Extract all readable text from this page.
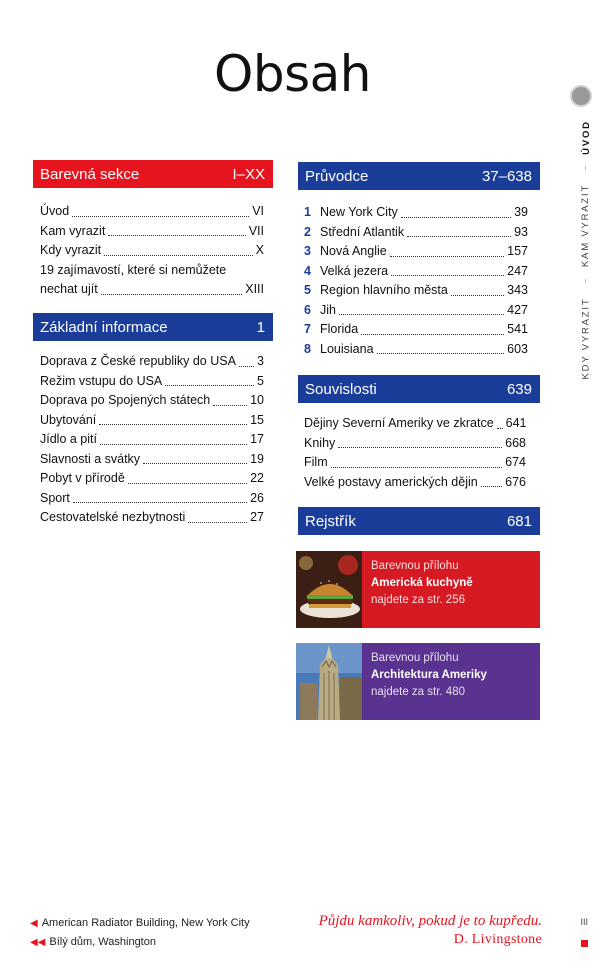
Obsah
ÚVOD
KAM VYRAZIT
KDY VYRAZIT
Barevná sekce	I–XX
Úvod	VI
Kam vyrazit	VII
Kdy vyrazit	X
19 zajímavostí, které si nemůžete
nechat ujít	XIII
Základní informace	1
Doprava z České republiky do USA 3
Režim vstupu do USA	5
Doprava po Spojených státech	10
Ubytování	15
Jídlo a pití	17
Slavnosti a svátky	19
Pobyt v přírodě	22
Sport	26
Cestovatelské nezbytnosti	27
Průvodce	37–638
1 New York City	39
2 Střední Atlantik	93
3 Nová Anglie	157
4 Velká jezera	247
5 Region hlavního města	343
6 Jih	427
7 Florida	541
8 Louisiana	603
Souvislosti	639
Dějiny Severní Ameriky ve zkratce 641
Knihy	668
Film	674
Velké postavy amerických dějin 676
Rejstřík	681
Barevnou přílohu
Americká kuchyně
najdete za str. 256
Barevnou přílohu
Architektura Ameriky
najdete za str. 480
◀ American Radiator Building, New York City
◀◀ Bílý dům, Washington
Půjdu kamkoliv, pokud je to kupředu.
D. Livingstone
III
